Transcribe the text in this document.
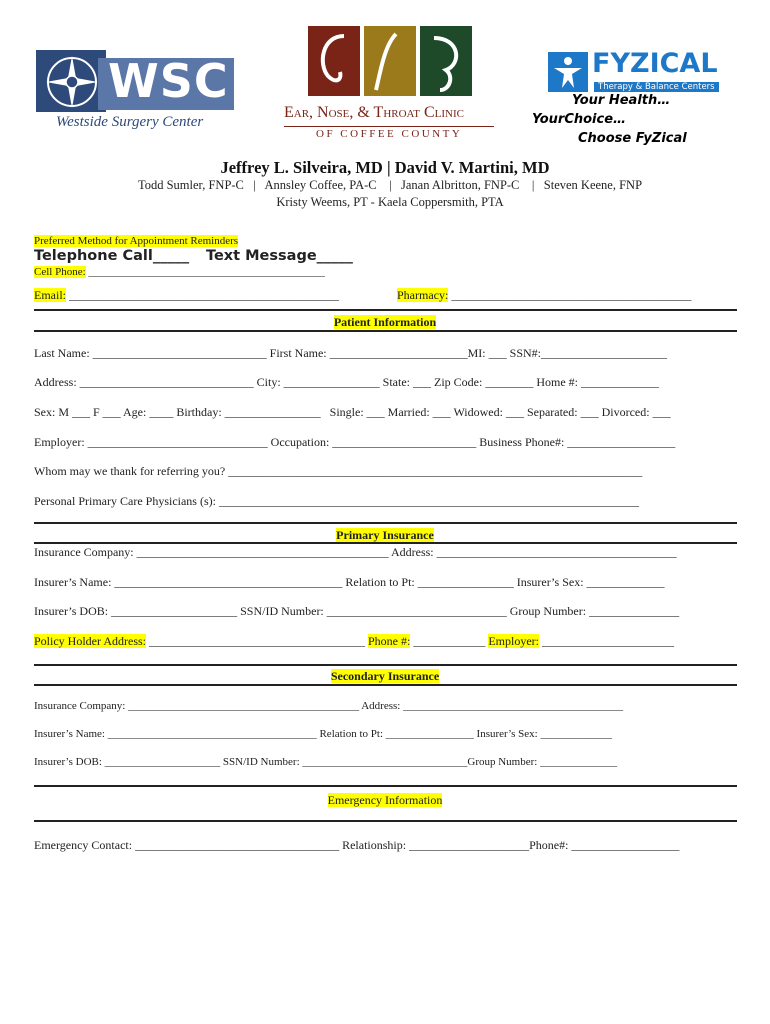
WSC
Westside Surgery Center
Ear, Nose, & Throat Clinic
OF COFFEE COUNTY
FYZICAL
Therapy & Balance Centers
Your Health…
YourChoice…
Choose FyZical
Jeffrey L. Silveira, MD | David V. Martini, MD
Todd Sumler, FNP-C   |   Annsley Coffee, PA-C    |   Janan Albritton, FNP-C    |   Steven Keene, FNP
Kristy Weems, PT - Kaela Coppersmith, PTA
Preferred Method for Appointment Reminders
Telephone Call_____ Text Message_____
Cell Phone: ___________________________________________
Email: _____________________________________________	Pharmacy: ________________________________________
Patient Information
Last Name: _____________________________ First Name: _______________________MI: ___ SSN#:_____________________
Address: _____________________________ City: ________________ State: ___ Zip Code: ________ Home #: _____________
Sex: M ___ F ___ Age: ____ Birthday: ________________   Single: ___ Married: ___ Widowed: ___ Separated: ___ Divorced: ___
Employer: ______________________________ Occupation: ________________________ Business Phone#: __________________
Whom may we thank for referring you? _____________________________________________________________________
Personal Primary Care Physicians (s): ______________________________________________________________________
Primary Insurance
Insurance Company: __________________________________________ Address: ________________________________________
Insurer’s Name: ______________________________________ Relation to Pt: ________________ Insurer’s Sex: _____________
Insurer’s DOB: _____________________ SSN/ID Number: ______________________________ Group Number: _______________
Policy Holder Address: ____________________________________ Phone #: ____________ Employer: ______________________
Secondary Insurance
Insurance Company: __________________________________________ Address: ________________________________________
Insurer’s Name: ______________________________________ Relation to Pt: ________________ Insurer’s Sex: _____________
Insurer’s DOB: _____________________ SSN/ID Number: ______________________________Group Number: ______________
Emergency Information
Emergency Contact: __________________________________ Relationship: ____________________Phone#: __________________
